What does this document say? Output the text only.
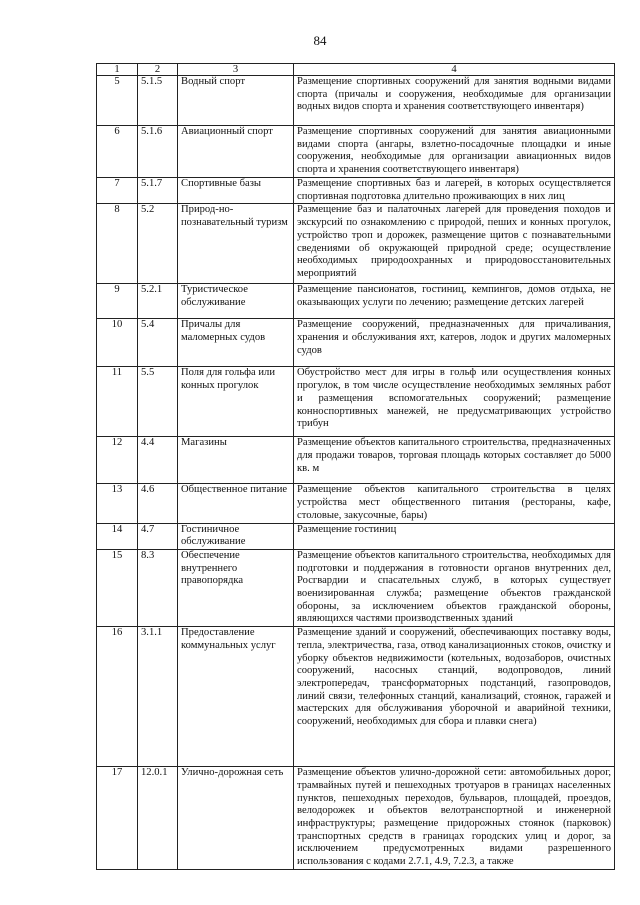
84
1	2	3	4
5	5.1.5	Водный спорт	Размещение спортивных сооружений для занятия водными видами спорта (причалы и сооружения, необходимые для организации водных видов спорта и хранения соответствующего инвентаря)
6	5.1.6	Авиационный спорт	Размещение спортивных сооружений для занятия авиационными видами спорта (ангары, взлетно-посадочные площадки и иные сооружения, необходимые для организации авиационных видов спорта и хранения соответствующего инвентаря)
7	5.1.7	Спортивные базы	Размещение спортивных баз и лагерей, в которых осуществляется спортивная подготовка длительно проживающих в них лиц
8	5.2	Природ-но-познавательный туризм	Размещение баз и палаточных лагерей для проведения походов и экскурсий по ознакомлению с природой, пеших и конных прогулок, устройство троп и дорожек, размещение щитов с познавательными сведениями об окружающей природной среде; осуществление необходимых природоохранных и природовосстановительных мероприятий
9	5.2.1	Туристическое обслуживание	Размещение пансионатов, гостиниц, кемпингов, домов отдыха, не оказывающих услуги по лечению; размещение детских лагерей
10	5.4	Причалы для маломерных судов	Размещение сооружений, предназначенных для причаливания, хранения и обслуживания яхт, катеров, лодок и других маломерных судов
11	5.5	Поля для гольфа или конных прогулок	Обустройство мест для игры в гольф или осуществления конных прогулок, в том числе осуществление необходимых земляных работ и размещения вспомогательных сооружений; размещение конноспортивных манежей, не предусматривающих устройство трибун
12	4.4	Магазины	Размещение объектов капитального строительства, предназначенных для продажи товаров, торговая площадь которых составляет до 5000 кв. м
13	4.6	Общественное питание	Размещение объектов капитального строительства в целях устройства мест общественного питания (рестораны, кафе, столовые, закусочные, бары)
14	4.7	Гостиничное обслуживание	Размещение гостиниц
15	8.3	Обеспечение внутреннего правопорядка	Размещение объектов капитального строительства, необходимых для подготовки и поддержания в готовности органов внутренних дел, Росгвардии и спасательных служб, в которых существует военизированная служба; размещение объектов гражданской обороны, за исключением объектов гражданской обороны, являющихся частями производственных зданий
16	3.1.1	Предоставление коммунальных услуг	Размещение зданий и сооружений, обеспечивающих поставку воды, тепла, электричества, газа, отвод канализационных стоков, очистку и уборку объектов недвижимости (котельных, водозаборов, очистных сооружений, насосных станций, водопроводов, линий электропередач, трансформаторных подстанций, газопроводов, линий связи, телефонных станций, канализаций, стоянок, гаражей и мастерских для обслуживания уборочной и аварийной техники, сооружений, необходимых для сбора и плавки снега)
17	12.0.1	Улично-дорожная сеть	Размещение объектов улично-дорожной сети: автомобильных дорог, трамвайных путей и пешеходных тротуаров в границах населенных пунктов, пешеходных переходов, бульваров, площадей, проездов, велодорожек и объектов велотранспортной и инженерной инфраструктуры; размещение придорожных стоянок (парковок) транспортных средств в границах городских улиц и дорог, за исключением предусмотренных видами разрешенного использования с кодами 2.7.1, 4.9, 7.2.3, а также
